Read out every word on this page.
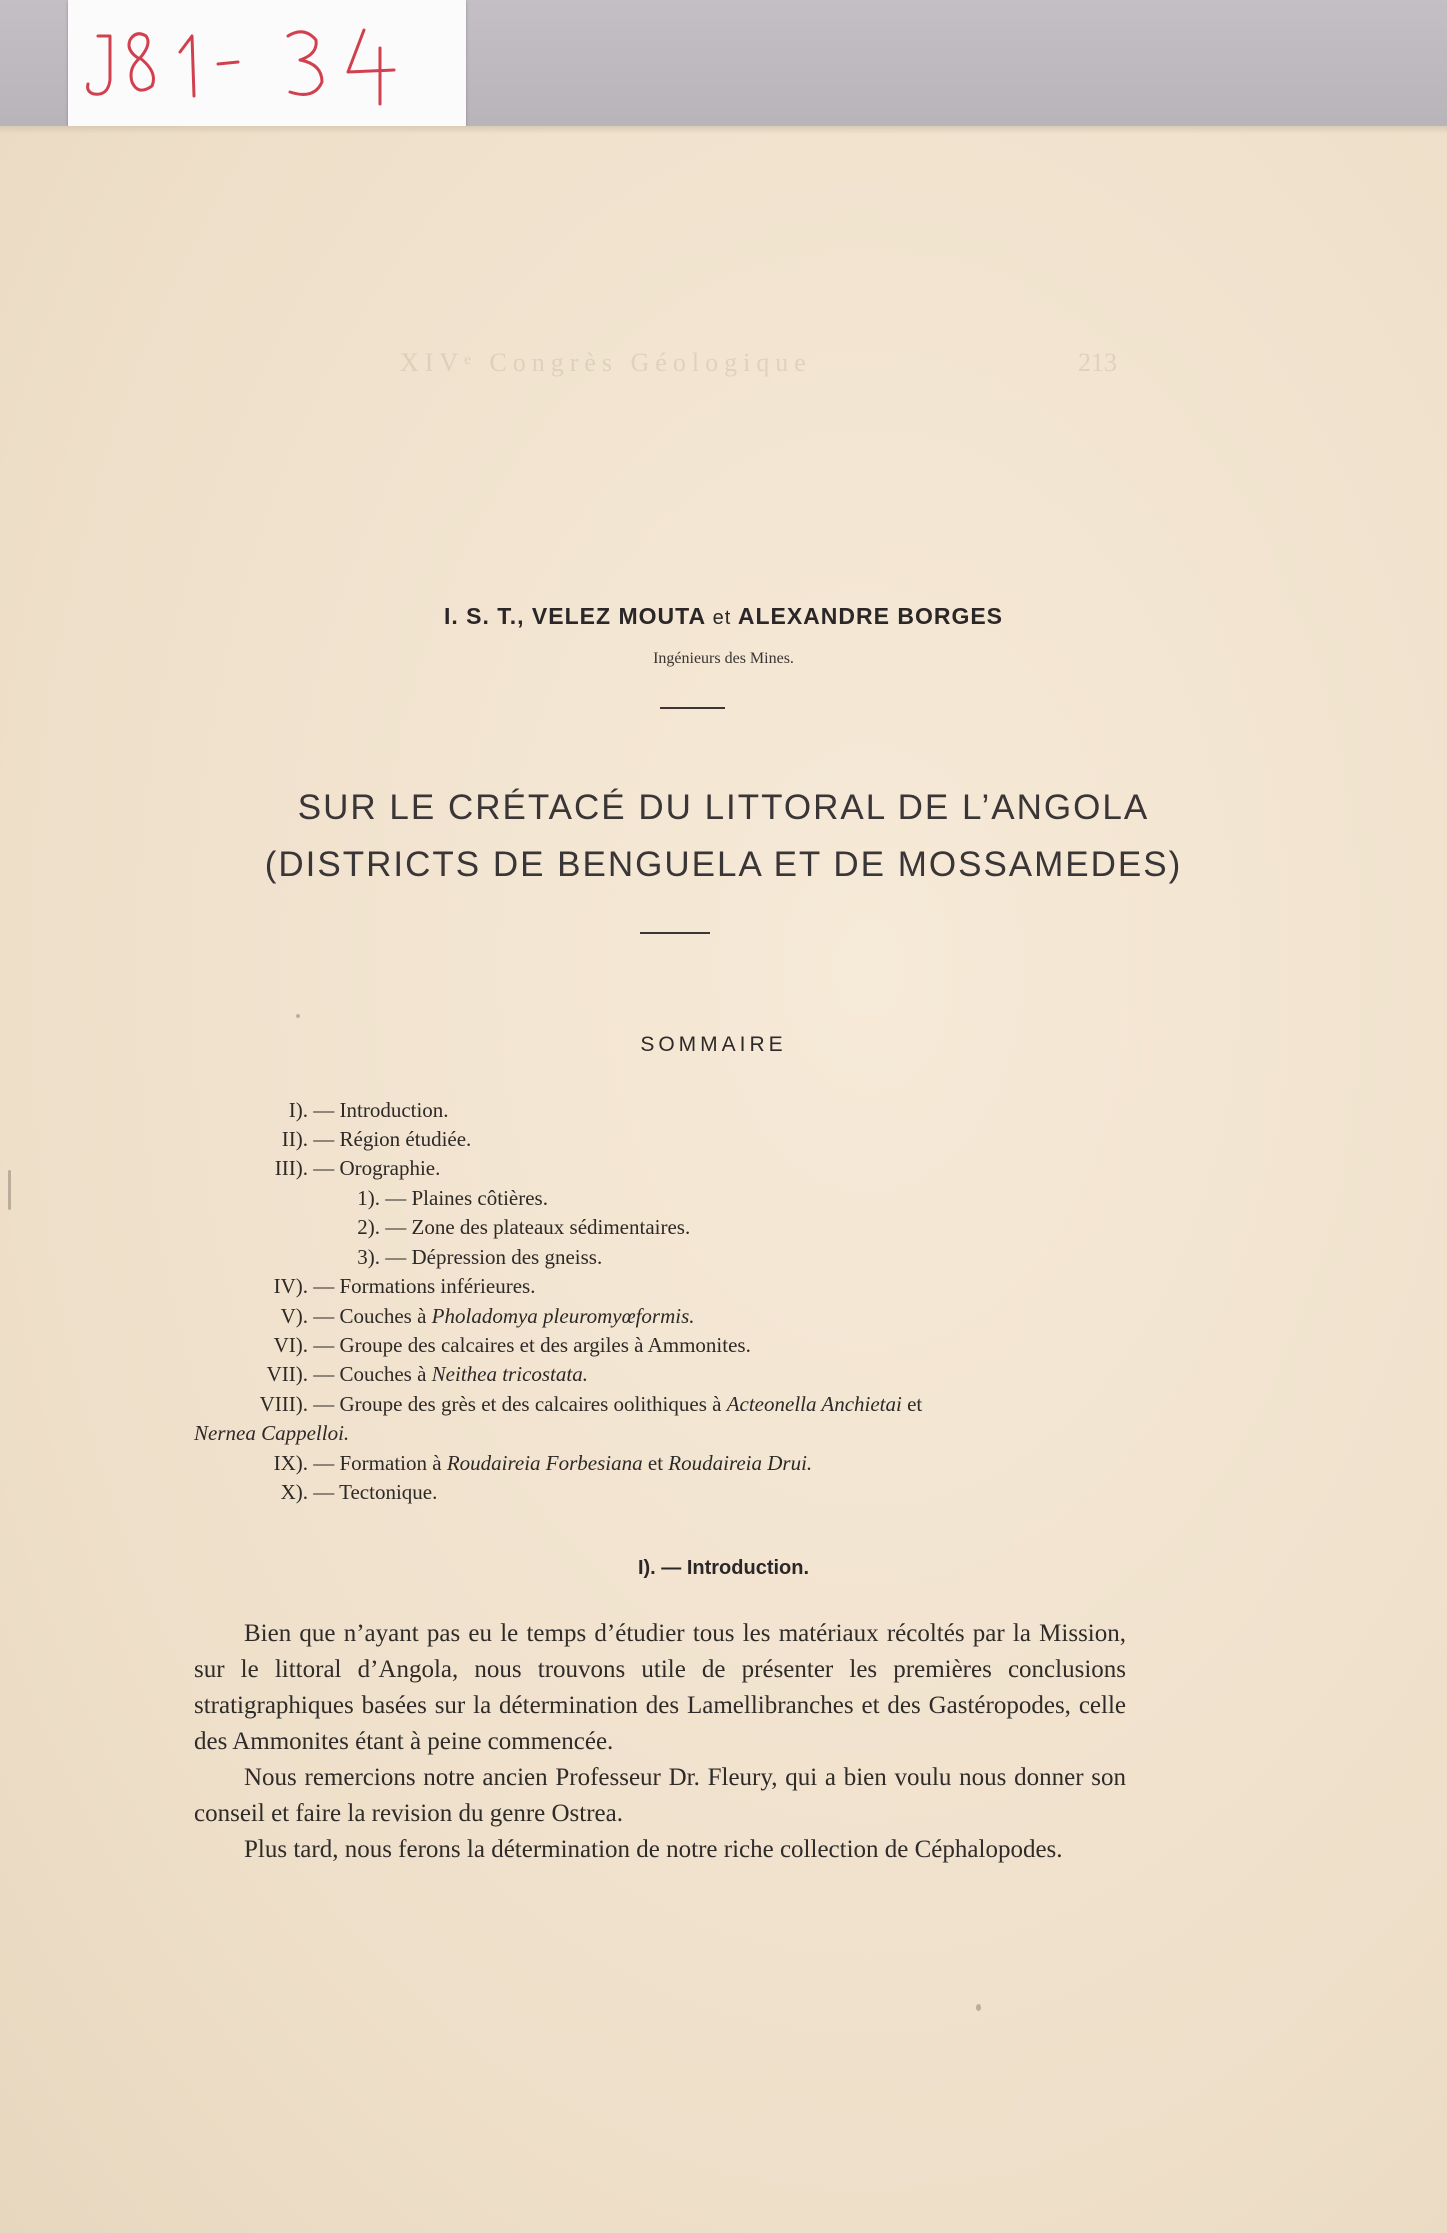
XIVᵉ Congrès Géologique	213
I. S. T., VELEZ MOUTA et ALEXANDRE BORGES
Ingénieurs des Mines.
SUR LE CRÉTACÉ DU LITTORAL DE L’ANGOLA
(DISTRICTS DE BENGUELA ET DE MOSSAMEDES)
SOMMAIRE
I). — Introduction.
II). — Région étudiée.
III). — Orographie.
1). — Plaines côtières.
2). — Zone des plateaux sédimentaires.
3). — Dépression des gneiss.
IV). — Formations inférieures.
V). — Couches à Pholadomya pleuromyœformis.
VI). — Groupe des calcaires et des argiles à Ammonites.
VII). — Couches à Neithea tricostata.
VIII). — Groupe des grès et des calcaires oolithiques à Acteonella Anchietai et
Nernea Cappelloi.
IX). — Formation à Roudaireia Forbesiana et Roudaireia Drui.
X). — Tectonique.
I). — Introduction.

Bien que n’ayant pas eu le temps d’étudier tous les matériaux récoltés par la Mission, sur le littoral d’Angola, nous trouvons utile de présenter les premières conclusions stratigraphiques basées sur la détermination des Lamellibranches et des Gastéropodes, celle des Ammonites étant à peine commencée.

Nous remercions notre ancien Professeur Dr. Fleury, qui a bien voulu nous donner son conseil et faire la revision du genre Ostrea.

Plus tard, nous ferons la détermination de notre riche collection de Céphalopodes.
